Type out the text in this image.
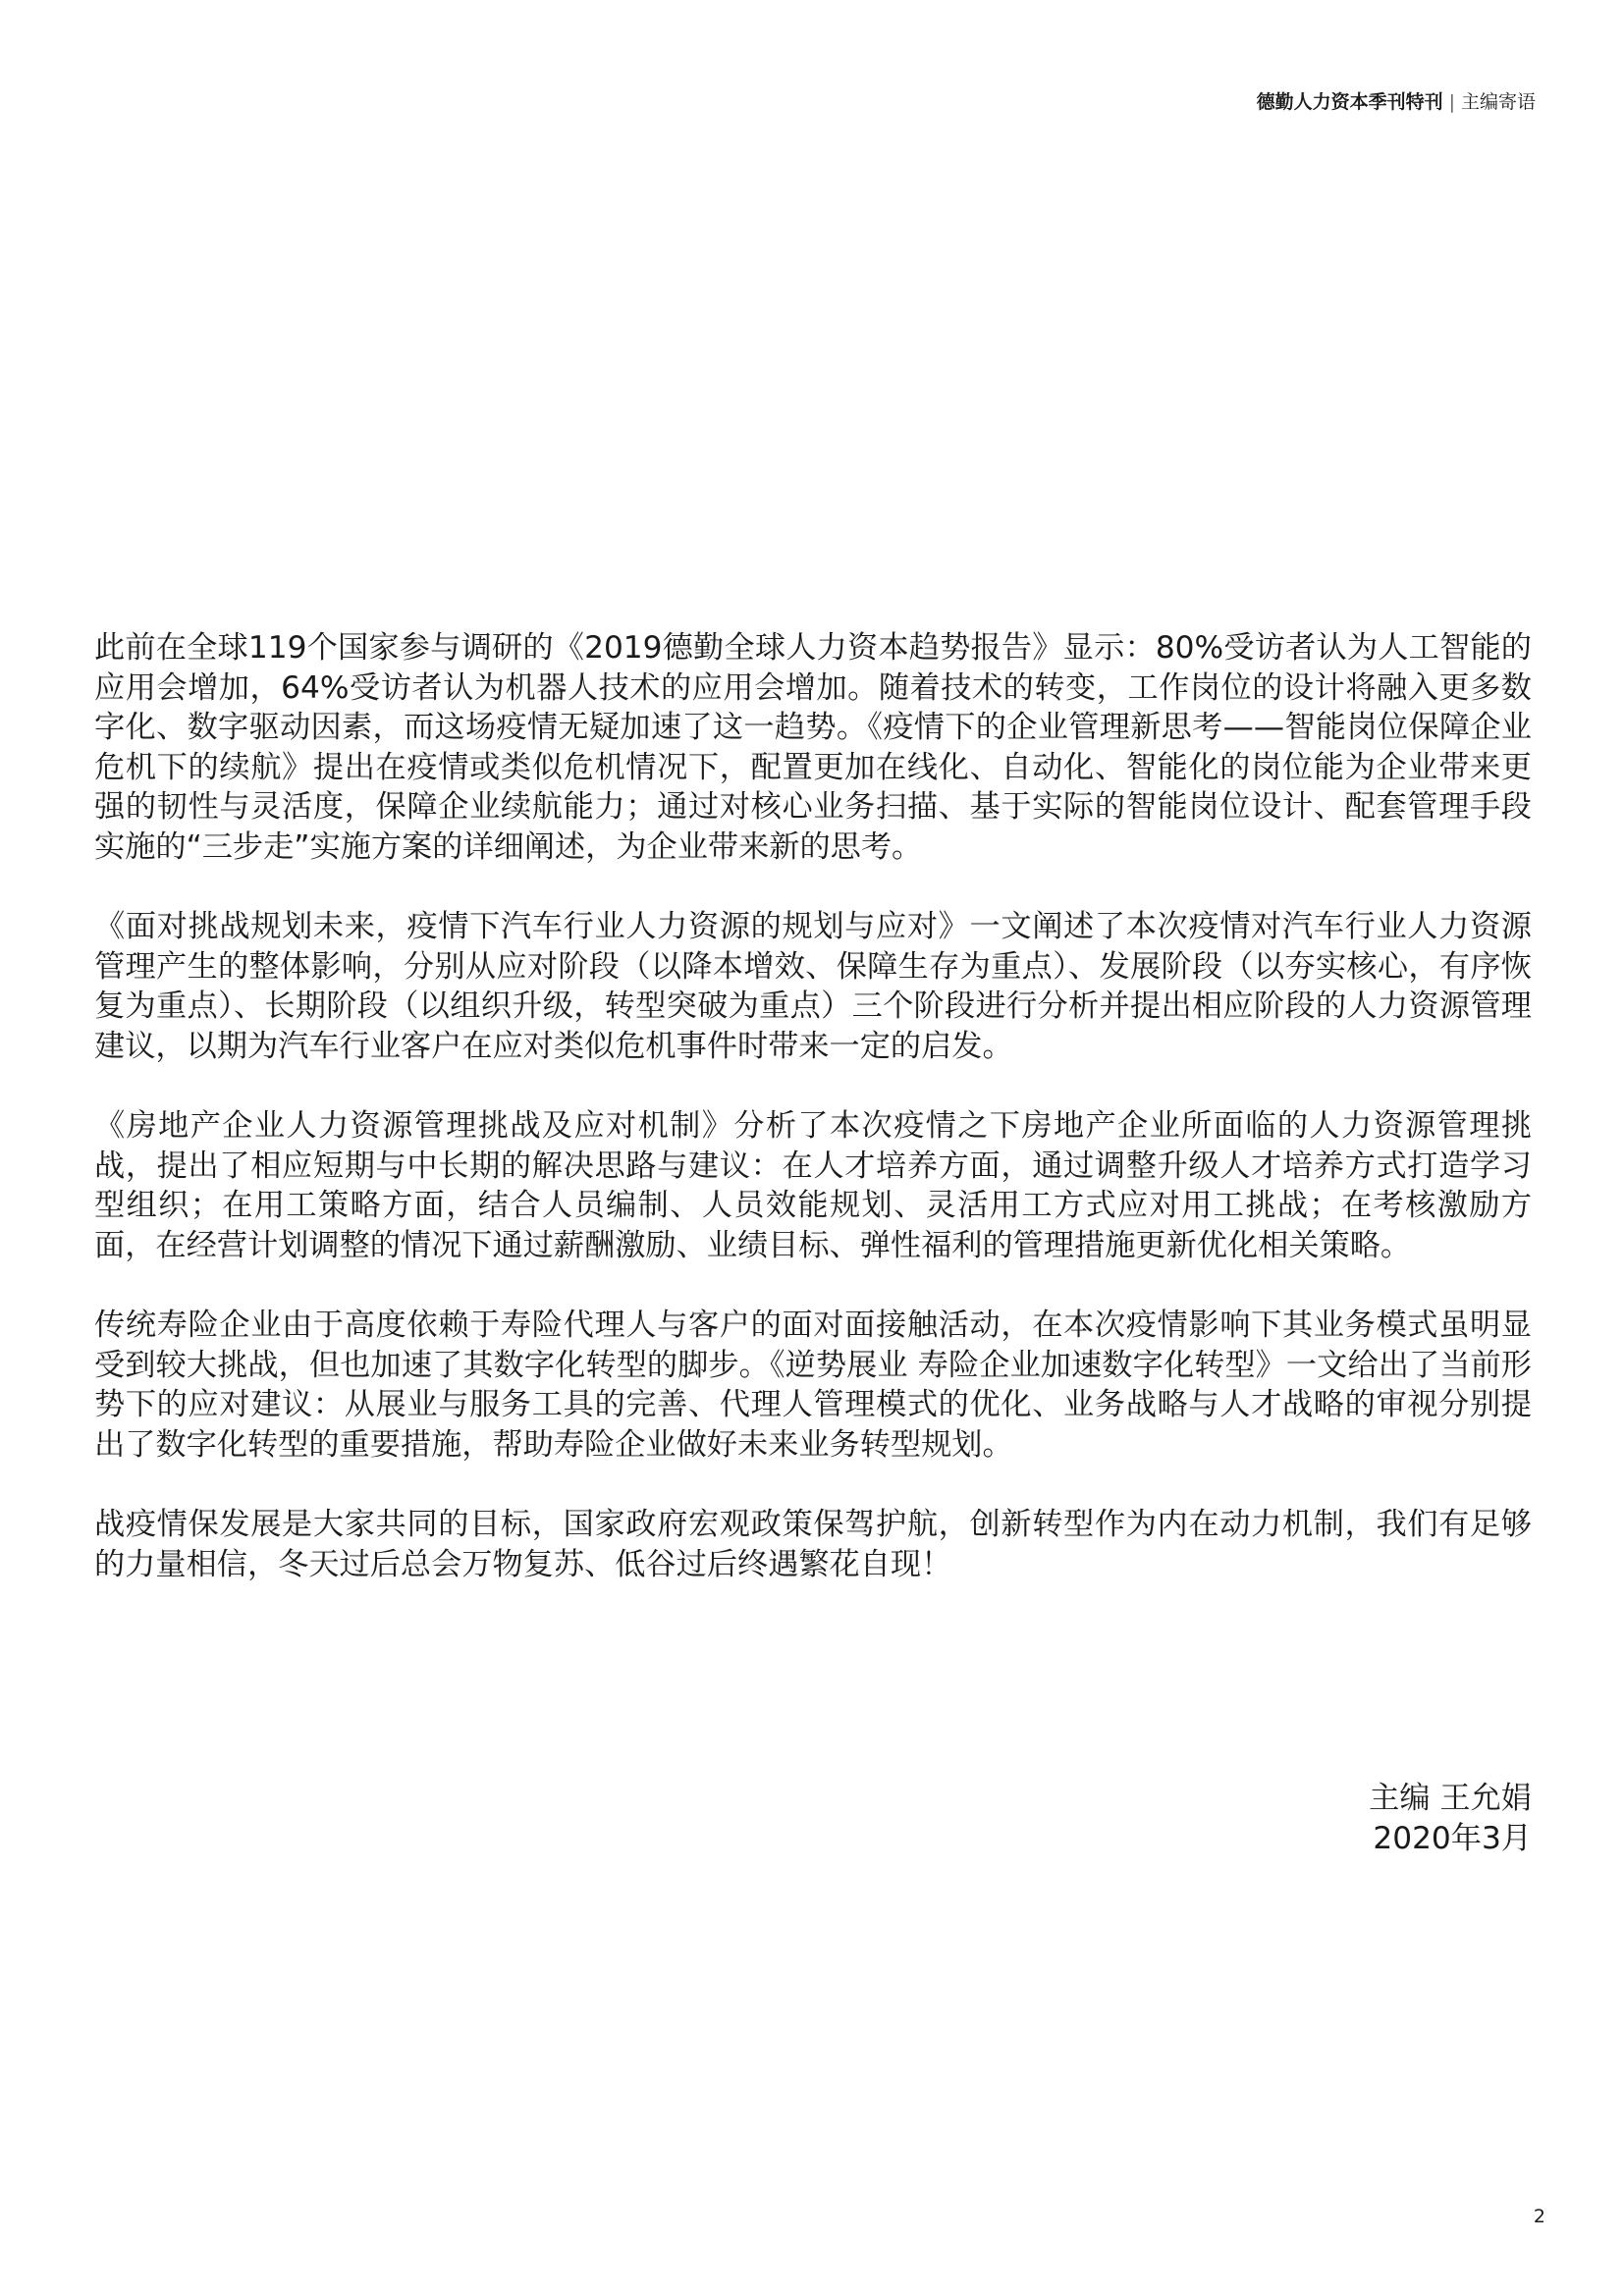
德勤人力资本季刊特刊 | 主编寄语

此前在全球119个国家参与调研的《2019德勤全球人力资本趋势报告》显示：80%受访者认为人工智能的应用会增加，64%受访者认为机器人技术的应用会增加。随着技术的转变，工作岗位的设计将融入更多数字化、数字驱动因素，而这场疫情无疑加速了这一趋势。《疫情下的企业管理新思考——智能岗位保障企业危机下的续航》提出在疫情或类似危机情况下，配置更加在线化、自动化、智能化的岗位能为企业带来更强的韧性与灵活度，保障企业续航能力；通过对核心业务扫描、基于实际的智能岗位设计、配套管理手段实施的“三步走”实施方案的详细阐述，为企业带来新的思考。

《面对挑战规划未来，疫情下汽车行业人力资源的规划与应对》一文阐述了本次疫情对汽车行业人力资源管理产生的整体影响，分别从应对阶段（以降本增效、保障生存为重点）、发展阶段（以夯实核心，有序恢复为重点）、长期阶段（以组织升级，转型突破为重点）三个阶段进行分析并提出相应阶段的人力资源管理建议，以期为汽车行业客户在应对类似危机事件时带来一定的启发。

《房地产企业人力资源管理挑战及应对机制》分析了本次疫情之下房地产企业所面临的人力资源管理挑战，提出了相应短期与中长期的解决思路与建议：在人才培养方面，通过调整升级人才培养方式打造学习型组织；在用工策略方面，结合人员编制、人员效能规划、灵活用工方式应对用工挑战；在考核激励方面，在经营计划调整的情况下通过薪酬激励、业绩目标、弹性福利的管理措施更新优化相关策略。

传统寿险企业由于高度依赖于寿险代理人与客户的面对面接触活动，在本次疫情影响下其业务模式虽明显受到较大挑战，但也加速了其数字化转型的脚步。《逆势展业 寿险企业加速数字化转型》一文给出了当前形势下的应对建议：从展业与服务工具的完善、代理人管理模式的优化、业务战略与人才战略的审视分别提出了数字化转型的重要措施，帮助寿险企业做好未来业务转型规划。

战疫情保发展是大家共同的目标，国家政府宏观政策保驾护航，创新转型作为内在动力机制，我们有足够的力量相信，冬天过后总会万物复苏、低谷过后终遇繁花自现！

主编 王允娟
2020年3月
2
